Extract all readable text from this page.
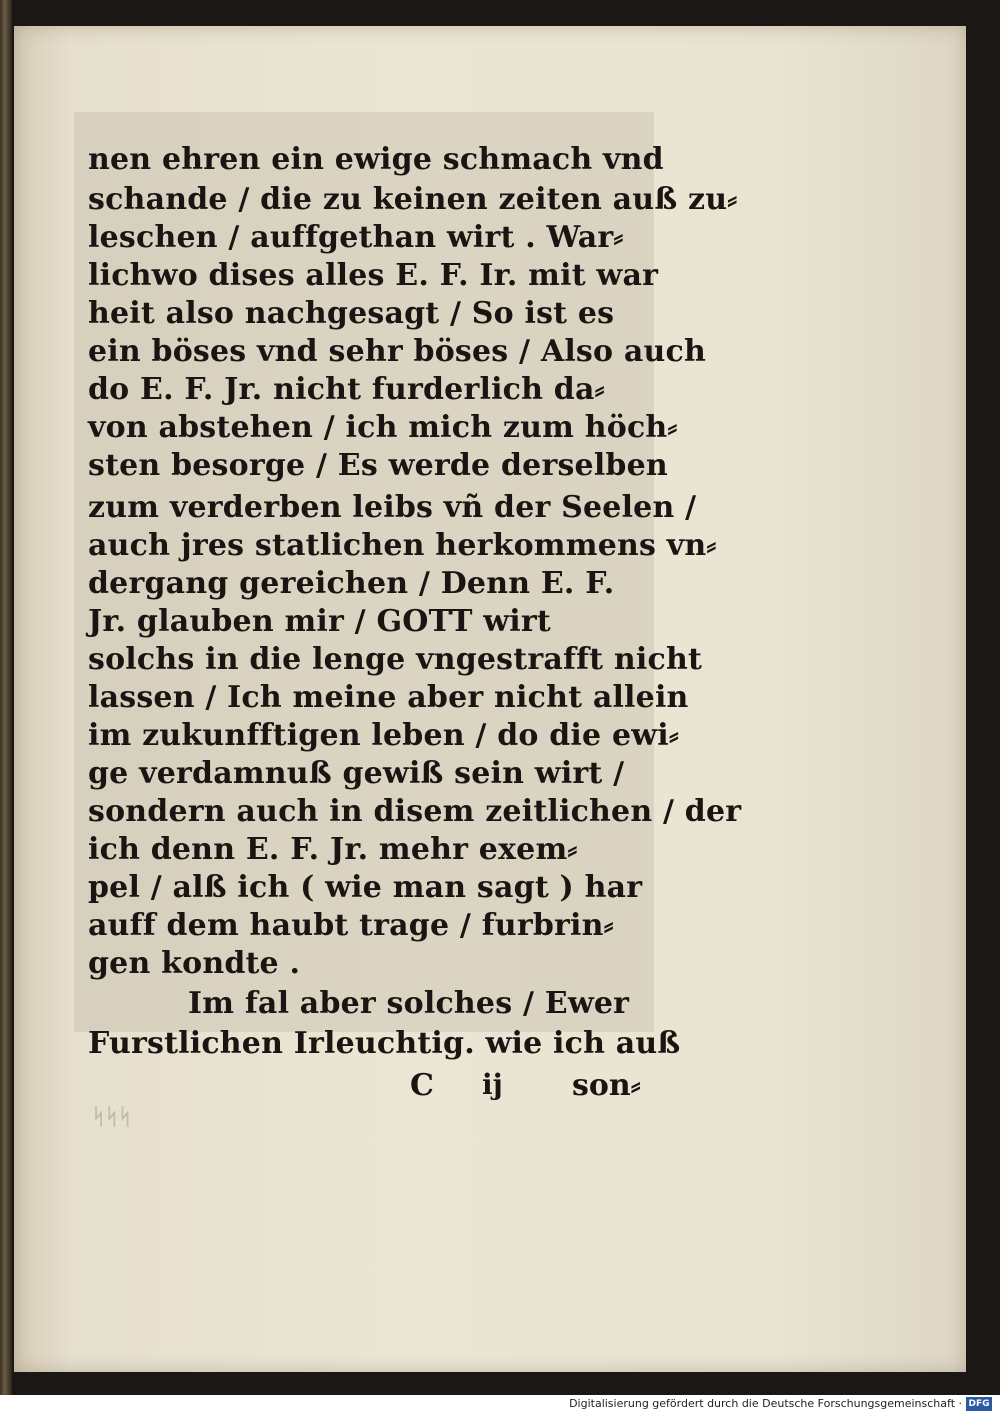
nen ehren ein ewige schmach vnd
schande / die zu keinen zeiten auß zu⸗
leschen / auffgethan wirt . War⸗
lichwo dises alles E. F. Ir. mit war
heit also nachgesagt / So ist es
ein böses vnd sehr böses / Also auch
do E. F. Jr. nicht furderlich da⸗
von abstehen / ich mich zum höch⸗
sten besorge / Es werde derselben
zum verderben leibs vñ der Seelen /
auch jres statlichen herkommens vn⸗
dergang gereichen / Denn E. F.
Jr. glauben mir / GOTT wirt
solchs in die lenge vngestrafft nicht
lassen / Ich meine aber nicht allein
im zukunfftigen leben / do die ewi⸗
ge verdamnuß gewiß sein wirt /
sondern auch in disem zeitlichen / der
ich denn E. F. Jr. mehr exem⸗
pel / alß ich ( wie man sagt ) har
auff dem haubt trage / furbrin⸗
gen kondte .
Im fal aber solches / Ewer
Furstlichen Irleuchtig. wie ich auß
C ij son⸗
ᛋᛋᛋ
Digitalisierung gefördert durch die Deutsche Forschungsgemeinschaft · DFG
